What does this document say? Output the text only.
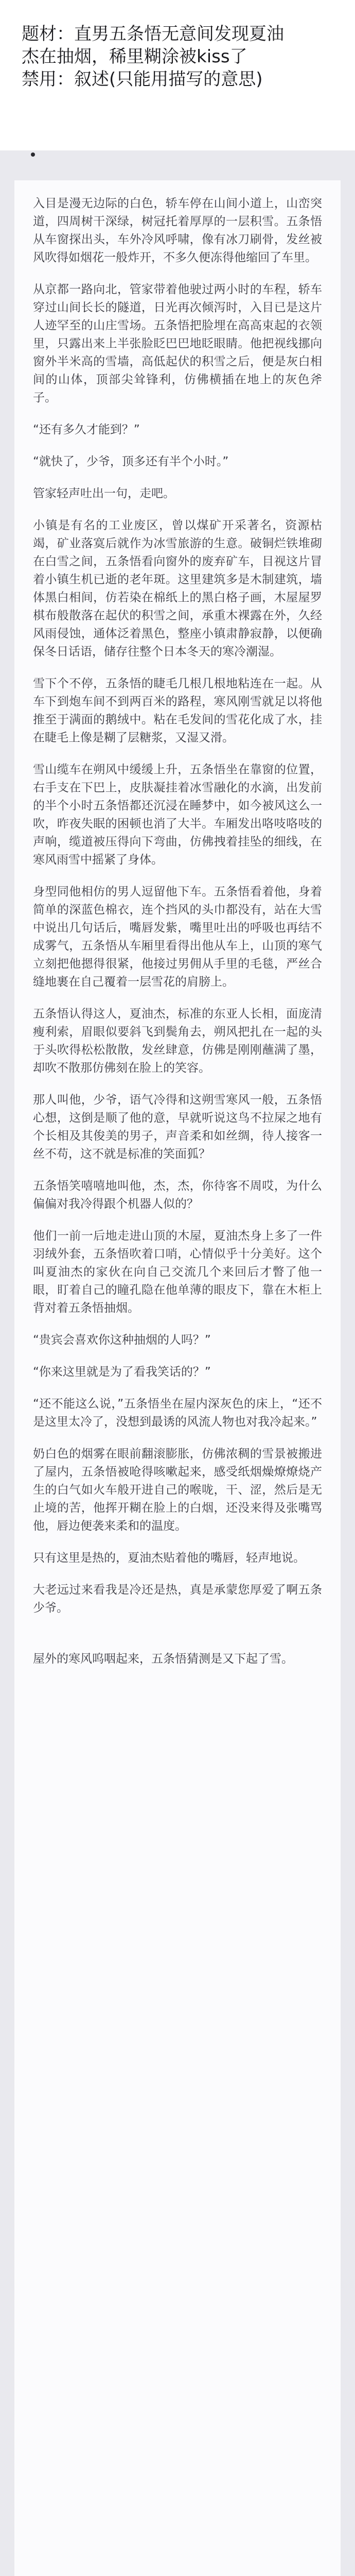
题材：直男五条悟无意间发现夏油
杰在抽烟，稀里糊涂被kiss了
禁用：叙述(只能用描写的意思)

入目是漫无边际的白色，轿车停在山间小道上，山峦突道，四周树干深绿，树冠托着厚厚的一层积雪。五条悟从车窗探出头，车外冷风呼啸，像有冰刀刷骨，发丝被风吹得如烟花一般炸开，不多久便冻得他缩回了车里。

从京都一路向北，管家带着他驶过两小时的车程，轿车穿过山间长长的隧道，日光再次倾泻时，入目已是这片人迹罕至的山庄雪场。五条悟把脸埋在高高束起的衣领里，只露出来上半张脸眨巴巴地眨眼睛。他把视线挪向窗外半米高的雪墙，高低起伏的积雪之后，便是灰白相间的山体，顶部尖耸锋利，仿佛横插在地上的灰色斧子。

“还有多久才能到？”

“就快了，少爷，顶多还有半个小时。”

管家轻声吐出一句，走吧。

小镇是有名的工业废区，曾以煤矿开采著名，资源枯竭，矿业落寞后就作为冰雪旅游的生意。破铜烂铁堆砌在白雪之间，五条悟看向窗外的废弃矿车，目视这片冒着小镇生机已逝的老年斑。这里建筑多是木制建筑，墙体黑白相间，仿若染在棉纸上的黑白格子画，木屋屋罗棋布般散落在起伏的积雪之间，承重木裸露在外，久经风雨侵蚀，通体泛着黑色，整座小镇肃静寂静，以便确保冬日话语，储存往整个日本冬天的寒冷潮湿。

雪下个不停，五条悟的睫毛几根几根地粘连在一起。从车下到炮车间不到两百米的路程，寒风刚雪就足以将他推至于满面的鹅绒中。粘在毛发间的雪花化成了水，挂在睫毛上像是糊了层糖浆，又湿又滑。

雪山缆车在朔风中缓缓上升，五条悟坐在靠窗的位置，右手支在下巴上，皮肤凝挂着冰雪融化的水滴，出发前的半个小时五条悟都还沉浸在睡梦中，如今被风这么一吹，昨夜失眠的困顿也消了大半。车厢发出咯吱咯吱的声响，缆道被压得向下弯曲，仿佛拽着挂坠的细线，在寒风雨雪中摇紧了身体。

身型同他相仿的男人逗留他下车。五条悟看着他，身着简单的深蓝色棉衣，连个挡风的头巾都没有，站在大雪中说出几句话后，嘴唇发紫，嘴里吐出的呼吸也再结不成雾气，五条悟从车厢里看得出他从车上，山顶的寒气立刻把他摁得很紧，他接过男佣从手里的毛毯，严丝合缝地裹在自己覆着一层雪花的肩膀上。

五条悟认得这人，夏油杰，标准的东亚人长相，面庞清瘦利索，眉眼似要斜飞到鬓角去，朔风把扎在一起的头于头吹得松松散散，发丝肆意，仿佛是刚刚蘸满了墨，却吹不散那仿佛刻在脸上的笑容。

那人叫他，少爷，语气冷得和这朔雪寒风一般，五条悟心想，这倒是顺了他的意，早就听说这鸟不拉屎之地有个长相及其俊美的男子，声音柔和如丝绸，待人接客一丝不苟，这不就是标准的笑面狐？

五条悟笑嘻嘻地叫他，杰，杰，你待客不周哎，为什么偏偏对我冷得跟个机器人似的？

他们一前一后地走进山顶的木屋，夏油杰身上多了一件羽绒外套，五条悟吹着口哨，心情似乎十分美好。这个叫夏油杰的家伙在向自己交流几个来回后才瞥了他一眼，盯着自己的瞳孔隐在他单薄的眼皮下，靠在木柜上背对着五条悟抽烟。

“贵宾会喜欢你这种抽烟的人吗？”

“你来这里就是为了看我笑话的？”

“还不能这么说，”五条悟坐在屋内深灰色的床上，“还不是这里太冷了，没想到最诱的风流人物也对我冷起来。”

奶白色的烟雾在眼前翻滚膨胀，仿佛浓稠的雪景被搬进了屋内，五条悟被呛得咳嗽起来，感受纸烟燥燎燎烧产生的白气如火车般开进自己的喉咙，干、涩，然后是无止境的苦，他挥开糊在脸上的白烟，还没来得及张嘴骂他，唇边便袭来柔和的温度。

只有这里是热的，夏油杰贴着他的嘴唇，轻声地说。

大老远过来看我是冷还是热，真是承蒙您厚爱了啊五条少爷。

屋外的寒风呜咽起来，五条悟猜测是又下起了雪。
